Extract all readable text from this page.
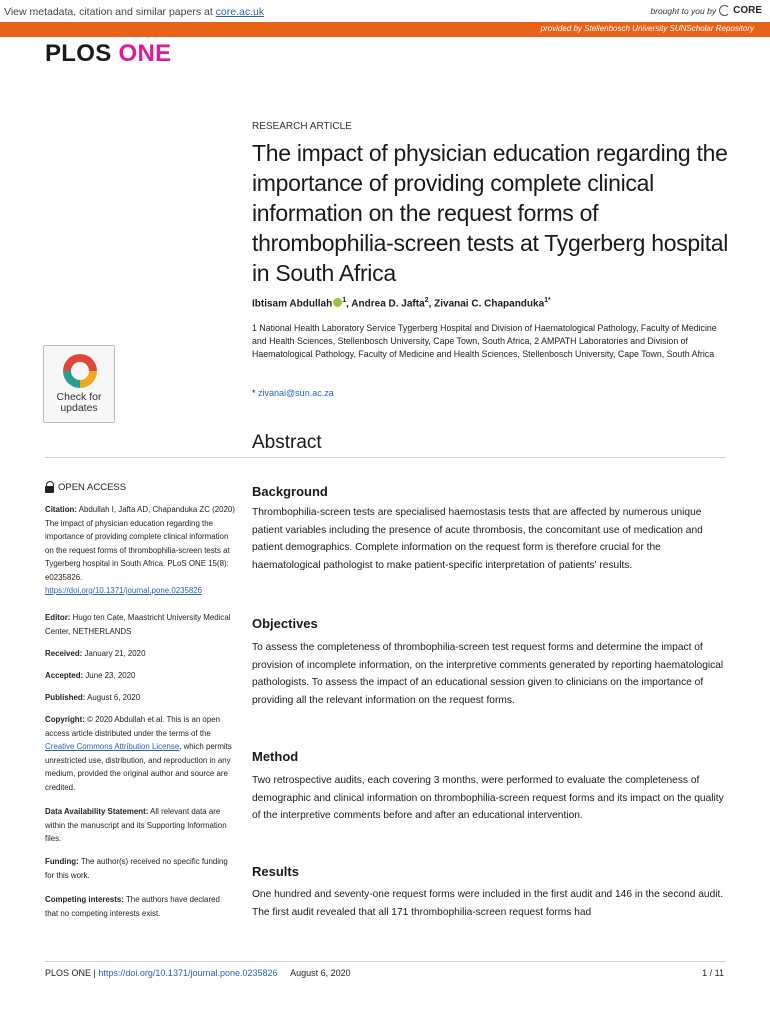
View metadata, citation and similar papers at core.ac.uk	brought to you by CORE
provided by Stellenbosch University SUNScholar Repository
PLOS ONE
Check for
updates
RESEARCH ARTICLE
The impact of physician education regarding the importance of providing complete clinical information on the request forms of thrombophilia-screen tests at Tygerberg hospital in South Africa
Ibtisam Abdullah $^1$, Andrea D. Jafta$^2$, Zivanai C. Chapanduka$^{1*}$
1 National Health Laboratory Service Tygerberg Hospital and Division of Haematological Pathology, Faculty of Medicine and Health Sciences, Stellenbosch University, Cape Town, South Africa, 2 AMPATH Laboratories and Division of Haematological Pathology, Faculty of Medicine and Health Sciences, Stellenbosch University, Cape Town, South Africa
* zivanai@sun.ac.za
Abstract
OPEN ACCESS
Citation: Abdullah I, Jafta AD, Chapanduka ZC (2020) The impact of physician education regarding the importance of providing complete clinical information on the request forms of thrombophilia-screen tests at Tygerberg hospital in South Africa. PLoS ONE 15(8): e0235826. https://doi.org/10.1371/journal.pone.0235826
Editor: Hugo ten Cate, Maastricht University Medical Center, NETHERLANDS
Received: January 21, 2020
Accepted: June 23, 2020
Published: August 6, 2020
Copyright: © 2020 Abdullah et al. This is an open access article distributed under the terms of the Creative Commons Attribution License, which permits unrestricted use, distribution, and reproduction in any medium, provided the original author and source are credited.
Data Availability Statement: All relevant data are within the manuscript and its Supporting Information files.
Funding: The author(s) received no specific funding for this work.
Competing interests: The authors have declared that no competing interests exist.
Background

Thrombophilia-screen tests are specialised haemostasis tests that are affected by numerous unique patient variables including the presence of acute thrombosis, the concomitant use of medication and patient demographics. Complete information on the request form is therefore crucial for the haematological pathologist to make patient-specific interpretation of patients' results.

Objectives

To assess the completeness of thrombophilia-screen test request forms and determine the impact of provision of incomplete information, on the interpretive comments generated by reporting haematological pathologists. To assess the impact of an educational session given to clinicians on the importance of providing all the relevant information on the request forms.

Method

Two retrospective audits, each covering 3 months, were performed to evaluate the completeness of demographic and clinical information on thrombophilia-screen request forms and its impact on the quality of the interpretive comments before and after an educational intervention.

Results

One hundred and seventy-one request forms were included in the first audit and 146 in the second audit. The first audit revealed that all 171 thrombophilia-screen request forms had

PLOS ONE | https://doi.org/10.1371/journal.pone.0235826 August 6, 2020	1 / 11
